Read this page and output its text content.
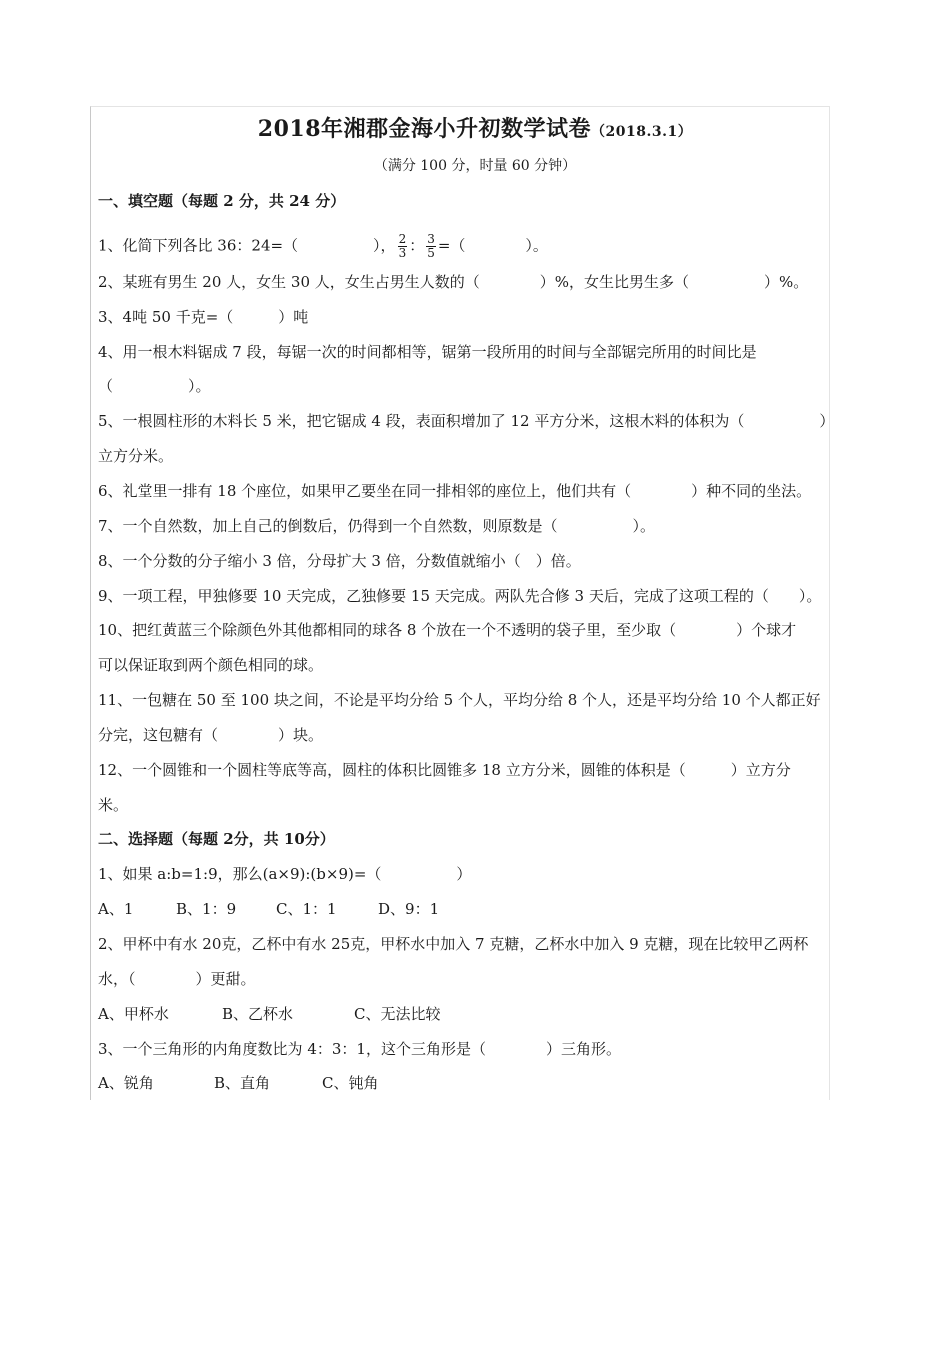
2018年湘郡金海小升初数学试卷（2018.3.1）
（满分 100 分，时量 60 分钟）
一、填空题（每题 2 分，共 24 分）
1、化简下列各比 36：24=（　　　　　）， $\frac{2}{3}$ ： $\frac{3}{5}$ =（　　　　）。
2、某班有男生 20 人，女生 30 人，女生占男生人数的（　　　　）%，女生比男生多（　　　　　）%。
3、4吨 50 千克=（　　　）吨
4、用一根木料锯成 7 段，每锯一次的时间都相等，锯第一段所用的时间与全部锯完所用的时间比是
（　　　　　）。
5、一根圆柱形的木料长 5 米，把它锯成 4 段，表面积增加了 12 平方分米，这根木料的体积为（　　　　　）
立方分米。
6、礼堂里一排有 18 个座位，如果甲乙要坐在同一排相邻的座位上，他们共有（　　　　）种不同的坐法。
7、一个自然数，加上自己的倒数后，仍得到一个自然数，则原数是（　　　　　）。
8、一个分数的分子缩小 3 倍，分母扩大 3 倍，分数值就缩小（　）倍。
9、一项工程，甲独修要 10 天完成，乙独修要 15 天完成。两队先合修 3 天后，完成了这项工程的（　　）。
10、把红黄蓝三个除颜色外其他都相同的球各 8 个放在一个不透明的袋子里，至少取（　　　　）个球才
可以保证取到两个颜色相同的球。
11、一包糖在 50 至 100 块之间，不论是平均分给 5 个人，平均分给 8 个人，还是平均分给 10 个人都正好
分完，这包糖有（　　　　）块。
12、一个圆锥和一个圆柱等底等高，圆柱的体积比圆锥多 18 立方分米，圆锥的体积是（　　　）立方分
米。
二、选择题（每题 2分，共 10分）
1、如果 a:b=1:9，那么(a×9):(b×9)=（　　　　　）
A、1	B、1：9	C、1：1	D、9：1
2、甲杯中有水 20克，乙杯中有水 25克，甲杯水中加入 7 克糖，乙杯水中加入 9 克糖，现在比较甲乙两杯
水，（　　　　）更甜。
A、甲杯水	B、乙杯水	C、无法比较
3、一个三角形的内角度数比为 4：3：1，这个三角形是（　　　　）三角形。
A、锐角	B、直角	C、钝角
